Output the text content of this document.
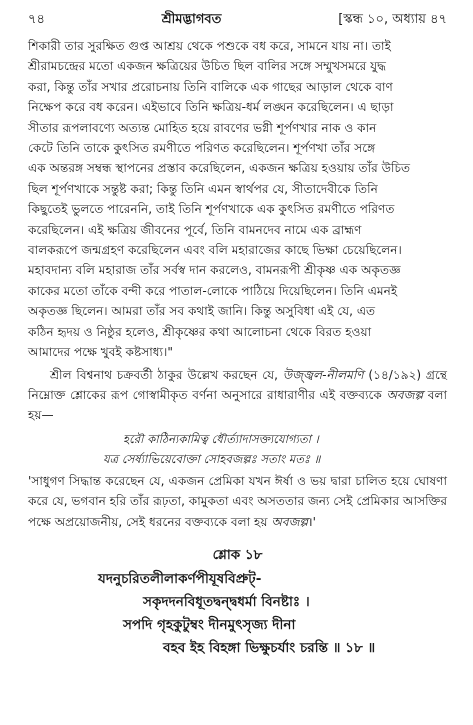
৭৪	শ্রীমদ্ভাগবত	[স্কন্ধ ১০, অধ্যায় ৪৭

শিকারী তার সুরক্ষিত গুপ্ত আশ্রয় থেকে পশুকে বধ করে, সামনে যায় না। তাই

শ্রীরামচন্দ্রের মতো একজন ক্ষত্রিয়ের উচিত ছিল বালির সঙ্গে সম্মুখসমরে যুদ্ধ

করা, কিন্তু তাঁর সখার প্ররোচনায় তিনি বালিকে এক গাছের আড়াল থেকে বাণ

নিক্ষেপ করে বধ করেন। এইভাবে তিনি ক্ষত্রিয়-ধর্ম লঙ্ঘন করেছিলেন। এ ছাড়া

সীতার রূপলাবণ্যে অত্যন্ত মোহিত হয়ে রাবণের ভগ্নী শূর্পণখার নাক ও কান

কেটে তিনি তাকে কুৎসিত রমণীতে পরিণত করেছিলেন। শূর্পণখা তাঁর সঙ্গে

এক অন্তরঙ্গ সম্বন্ধ স্থাপনের প্রস্তাব করেছিলেন, একজন ক্ষত্রিয় হওয়ায় তাঁর উচিত

ছিল শূর্পণখাকে সন্তুষ্ট করা; কিন্তু তিনি এমন স্বার্থপর যে, সীতাদেবীকে তিনি

কিছুতেই ভুলতে পারেননি, তাই তিনি শূর্পণখাকে এক কুৎসিত রমণীতে পরিণত

করেছিলেন। এই ক্ষত্রিয় জীবনের পূর্বে, তিনি বামনদেব নামে এক ব্রাহ্মণ

বালকরূপে জন্মগ্রহণ করেছিলেন এবং বলি মহারাজের কাছে ভিক্ষা চেয়েছিলেন।

মহাবদান্য বলি মহারাজ তাঁর সর্বস্ব দান করলেও, বামনরূপী শ্রীকৃষ্ণ এক অকৃতজ্ঞ

কাকের মতো তাঁকে বন্দী করে পাতাল-লোকে পাঠিয়ে দিয়েছিলেন। তিনি এমনই

অকৃতজ্ঞ ছিলেন। আমরা তাঁর সব কথাই জানি। কিন্তু অসুবিধা এই যে, এত

কঠিন হৃদয় ও নিষ্ঠুর হলেও, শ্রীকৃষ্ণের কথা আলোচনা থেকে বিরত হওয়া

আমাদের পক্ষে খুবই কষ্টসাধ্য।"

শ্রীল বিশ্বনাথ চক্রবর্তী ঠাকুর উল্লেখ করছেন যে, উজ্জ্বল-নীলমণি (১৪/১৯২) গ্রন্থে নিম্নোক্ত শ্লোকের রূপ গোস্বামীকৃত বর্ণনা অনুসারে রাধারাণীর এই বক্তব্যকে অবজল্প বলা হয়—

হরৌ কাঠিন্যকামিত্ব ধৌর্ত্যাদাসক্ত্যযোগ্যতা ।
যত্র সের্ষ্যাভিয়েবোক্তা সোহবজল্পঃ সতাং মতঃ ॥

'সাধুগণ সিদ্ধান্ত করেছেন যে, একজন প্রেমিকা যখন ঈর্ষা ও ভয় দ্বারা চালিত হয়ে ঘোষণা করে যে, ভগবান হরি তাঁর রূঢ়তা, কামুকতা এবং অসততার জন্য সেই প্রেমিকার আসক্তির পক্ষে অপ্রয়োজনীয়, সেই ধরনের বক্তব্যকে বলা হয় অবজল্প।'

শ্লোক ১৮
যদনুচরিতলীলাকর্ণপীযূষবিপ্রুট্-
সকৃদদনবিধূতদ্বন্দ্বধর্মা বিনষ্টাঃ ।
সপদি গৃহকুটুম্বং দীনমুৎসৃজ্য দীনা
বহব ইহ বিহঙ্গা ভিক্ষুচর্যাং চরন্তি ॥ ১৮ ॥
